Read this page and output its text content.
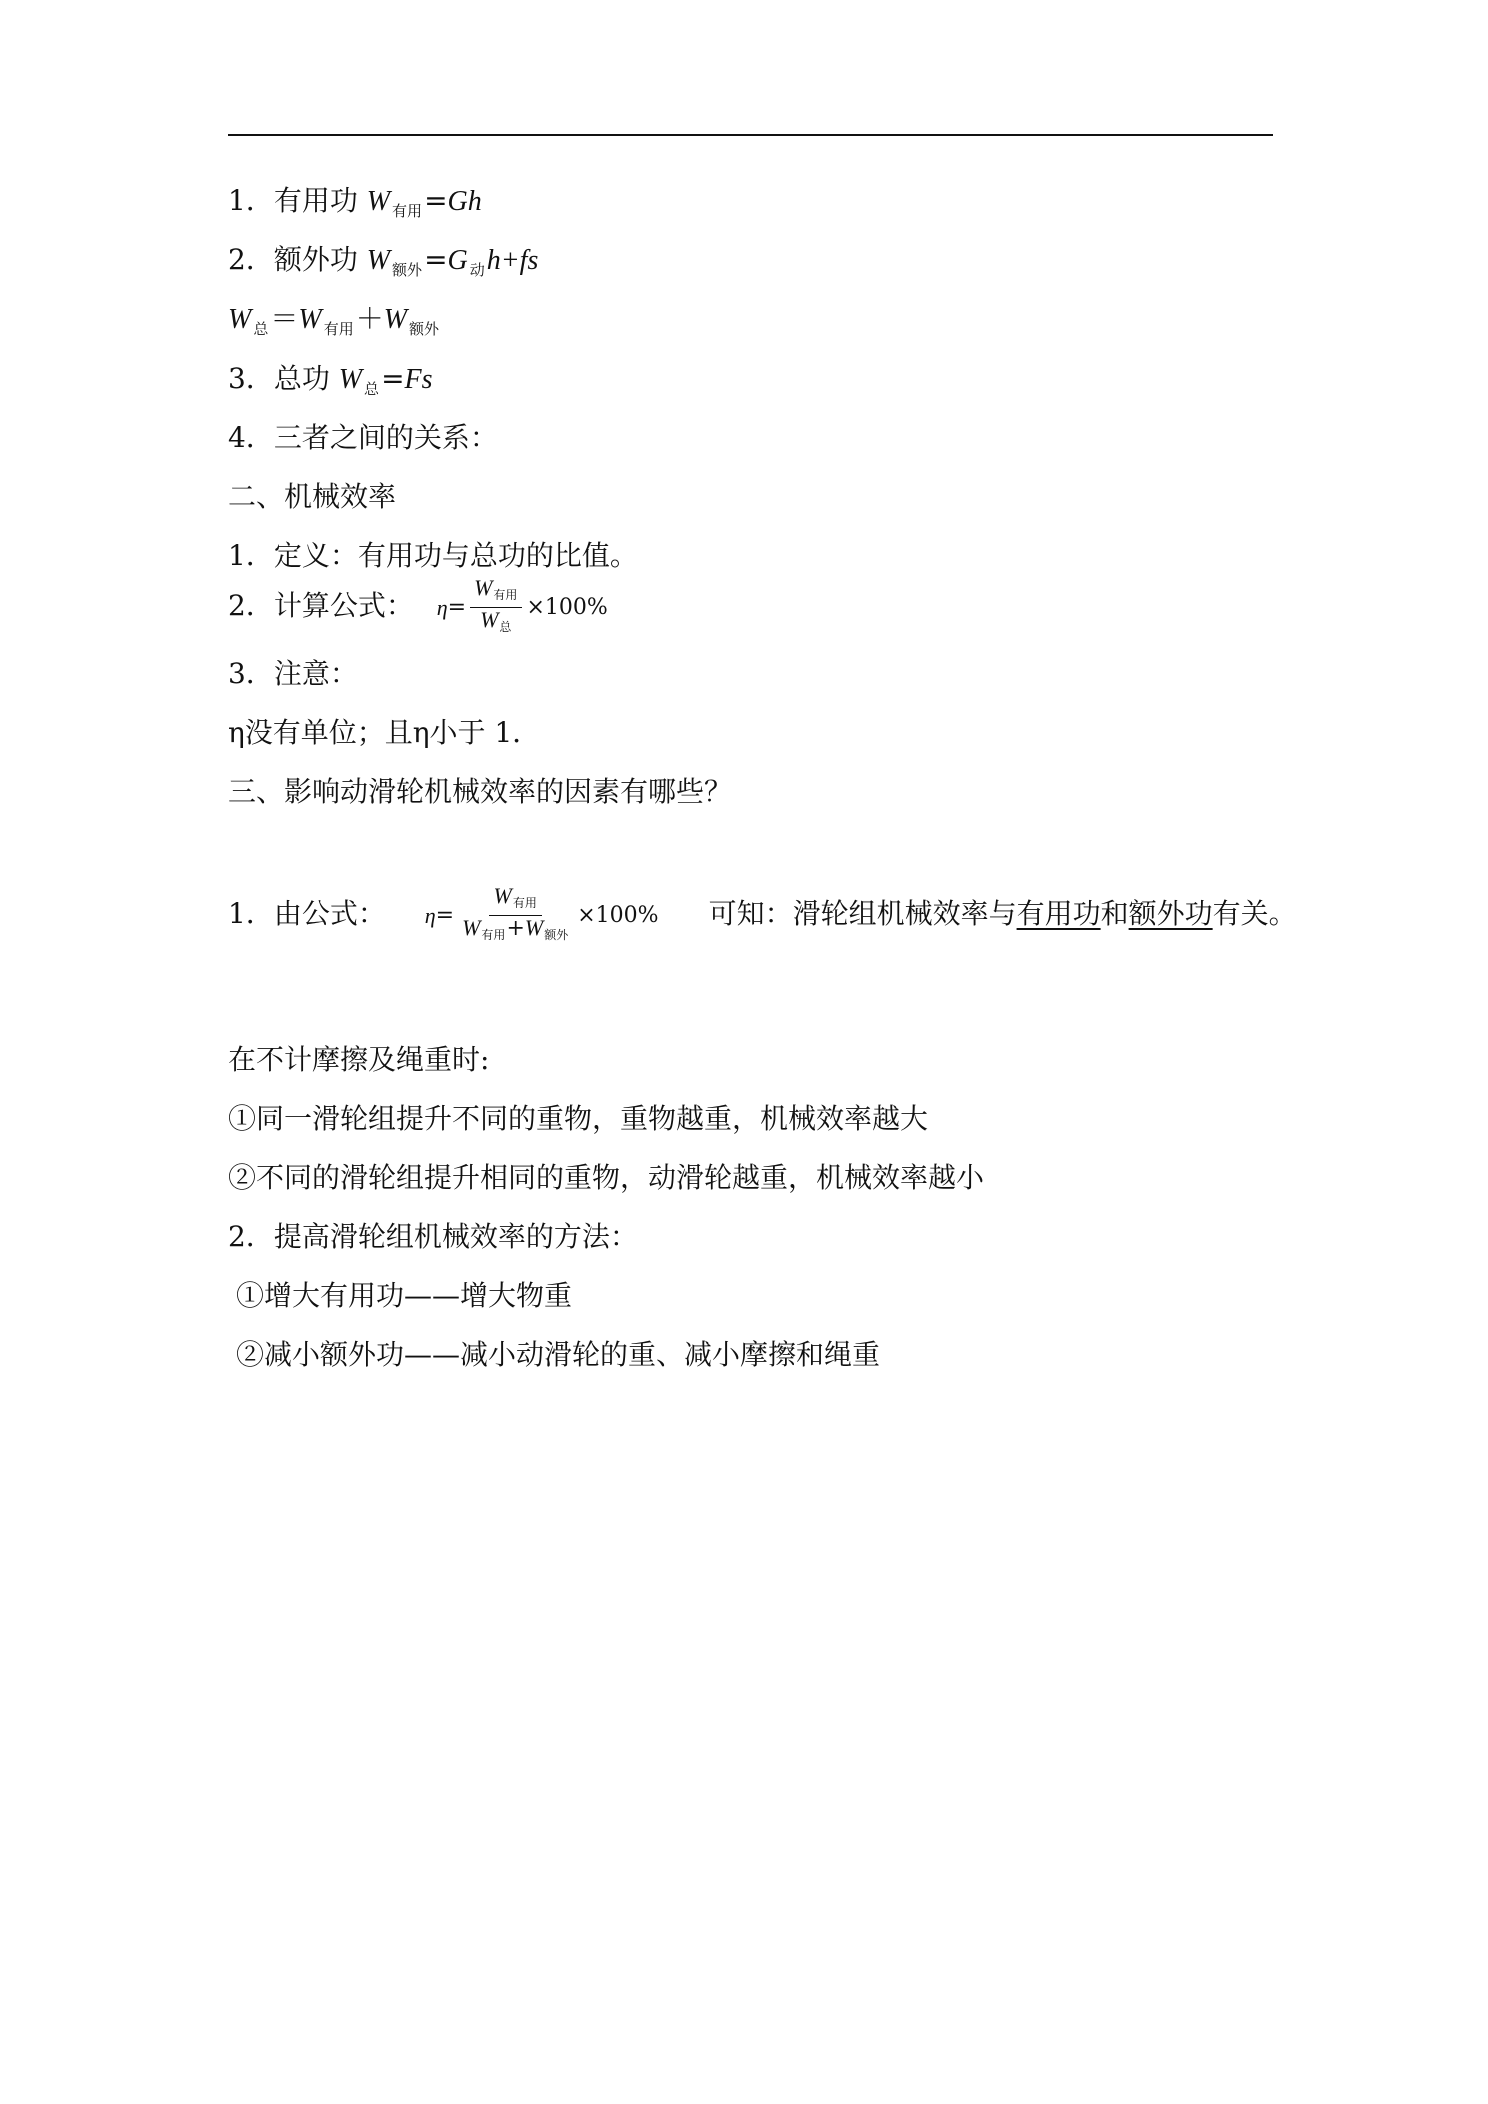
1．有用功 W $_{有用}$=Gh
2．额外功 W $_{额外}$=G $_动$h+fs
W $_总$＝W $_{有用}$＋W $_{额外}$
3．总功 W $_总$=Fs
4．三者之间的关系：
二、机械效率
1．定义：有用功与总功的比值。
2．计算公式： $\eta = \frac{W_{有用}}{W_总} \times 100\%$
3．注意：
η没有单位；且η小于 1．
三、影响动滑轮机械效率的因素有哪些？
1．由公式： $\eta = \frac{W_{有用}}{W_{有用}+W_{额外}} \times 100\%$ 可知：滑轮组机械效率与有用功和额外功有关。
在不计摩擦及绳重时:
①同一滑轮组提升不同的重物，重物越重，机械效率越大
②不同的滑轮组提升相同的重物，动滑轮越重，机械效率越小
2．提高滑轮组机械效率的方法：
①增大有用功——增大物重
②减小额外功——减小动滑轮的重、减小摩擦和绳重
